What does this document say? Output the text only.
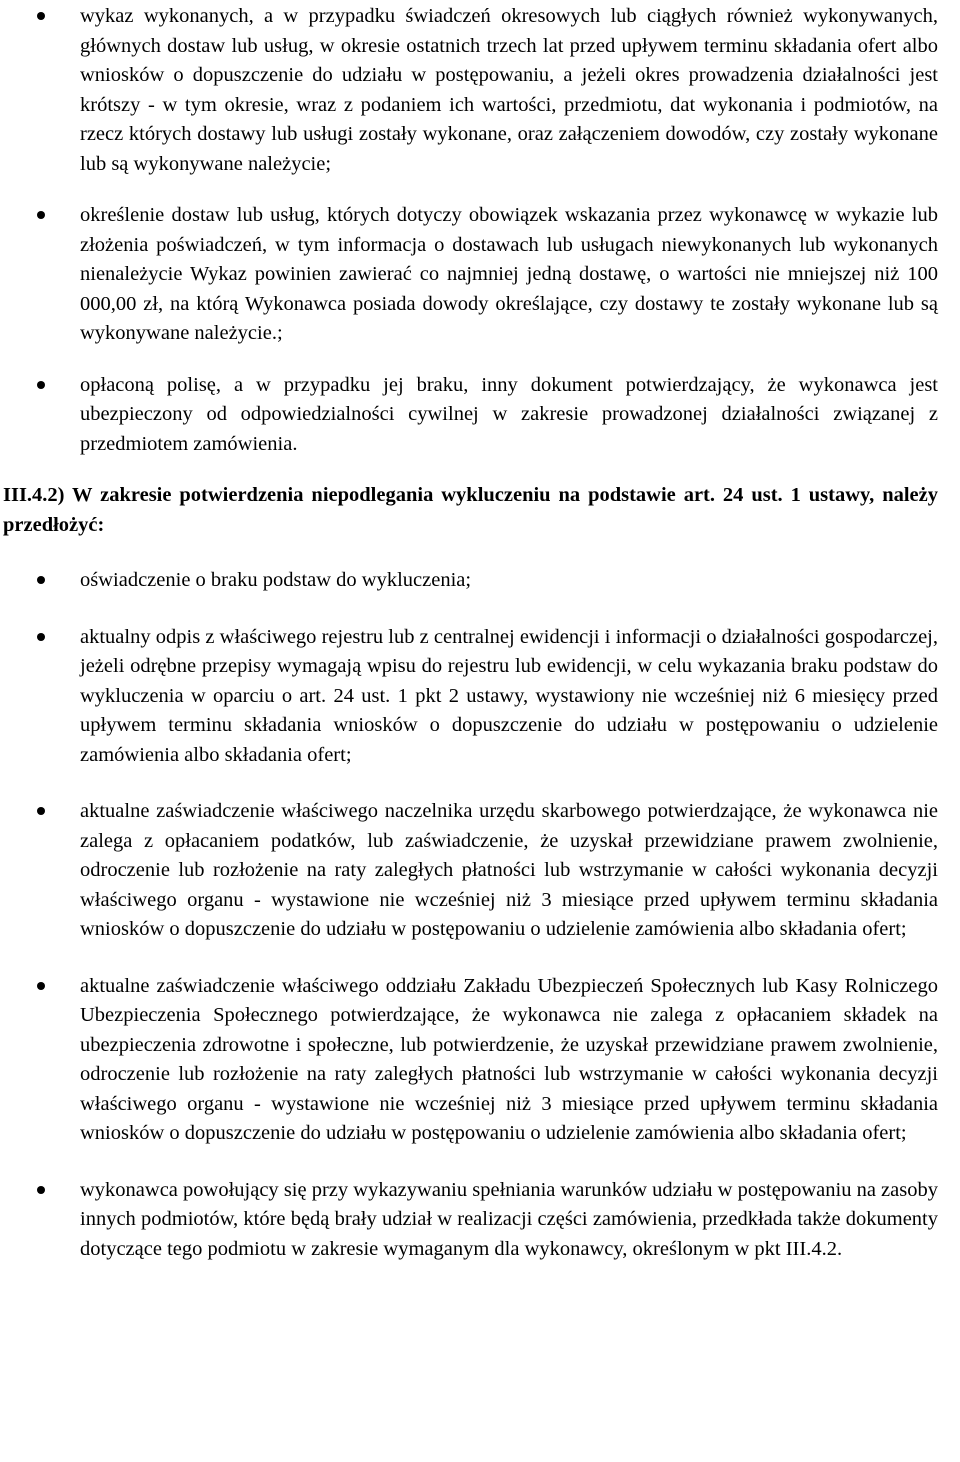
wykaz wykonanych, a w przypadku świadczeń okresowych lub ciągłych również wykonywanych, głównych dostaw lub usług, w okresie ostatnich trzech lat przed upływem terminu składania ofert albo wniosków o dopuszczenie do udziału w postępowaniu, a jeżeli okres prowadzenia działalności jest krótszy - w tym okresie, wraz z podaniem ich wartości, przedmiotu, dat wykonania i podmiotów, na rzecz których dostawy lub usługi zostały wykonane, oraz załączeniem dowodów, czy zostały wykonane lub są wykonywane należycie;
określenie dostaw lub usług, których dotyczy obowiązek wskazania przez wykonawcę w wykazie lub złożenia poświadczeń, w tym informacja o dostawach lub usługach niewykonanych lub wykonanych nienależycie Wykaz powinien zawierać co najmniej jedną dostawę, o wartości nie mniejszej niż 100 000,00 zł, na którą Wykonawca posiada dowody określające, czy dostawy te zostały wykonane lub są wykonywane należycie.;
opłaconą polisę, a w przypadku jej braku, inny dokument potwierdzający, że wykonawca jest ubezpieczony od odpowiedzialności cywilnej w zakresie prowadzonej działalności związanej z przedmiotem zamówienia.

III.4.2) W zakresie potwierdzenia niepodlegania wykluczeniu na podstawie art. 24 ust. 1 ustawy, należy przedłożyć:

oświadczenie o braku podstaw do wykluczenia;
aktualny odpis z właściwego rejestru lub z centralnej ewidencji i informacji o działalności gospodarczej, jeżeli odrębne przepisy wymagają wpisu do rejestru lub ewidencji, w celu wykazania braku podstaw do wykluczenia w oparciu o art. 24 ust. 1 pkt 2 ustawy, wystawiony nie wcześniej niż 6 miesięcy przed upływem terminu składania wniosków o dopuszczenie do udziału w postępowaniu o udzielenie zamówienia albo składania ofert;
aktualne zaświadczenie właściwego naczelnika urzędu skarbowego potwierdzające, że wykonawca nie zalega z opłacaniem podatków, lub zaświadczenie, że uzyskał przewidziane prawem zwolnienie, odroczenie lub rozłożenie na raty zaległych płatności lub wstrzymanie w całości wykonania decyzji właściwego organu - wystawione nie wcześniej niż 3 miesiące przed upływem terminu składania wniosków o dopuszczenie do udziału w postępowaniu o udzielenie zamówienia albo składania ofert;
aktualne zaświadczenie właściwego oddziału Zakładu Ubezpieczeń Społecznych lub Kasy Rolniczego Ubezpieczenia Społecznego potwierdzające, że wykonawca nie zalega z opłacaniem składek na ubezpieczenia zdrowotne i społeczne, lub potwierdzenie, że uzyskał przewidziane prawem zwolnienie, odroczenie lub rozłożenie na raty zaległych płatności lub wstrzymanie w całości wykonania decyzji właściwego organu - wystawione nie wcześniej niż 3 miesiące przed upływem terminu składania wniosków o dopuszczenie do udziału w postępowaniu o udzielenie zamówienia albo składania ofert;
wykonawca powołujący się przy wykazywaniu spełniania warunków udziału w postępowaniu na zasoby innych podmiotów, które będą brały udział w realizacji części zamówienia, przedkłada także dokumenty dotyczące tego podmiotu w zakresie wymaganym dla wykonawcy, określonym w pkt III.4.2.
